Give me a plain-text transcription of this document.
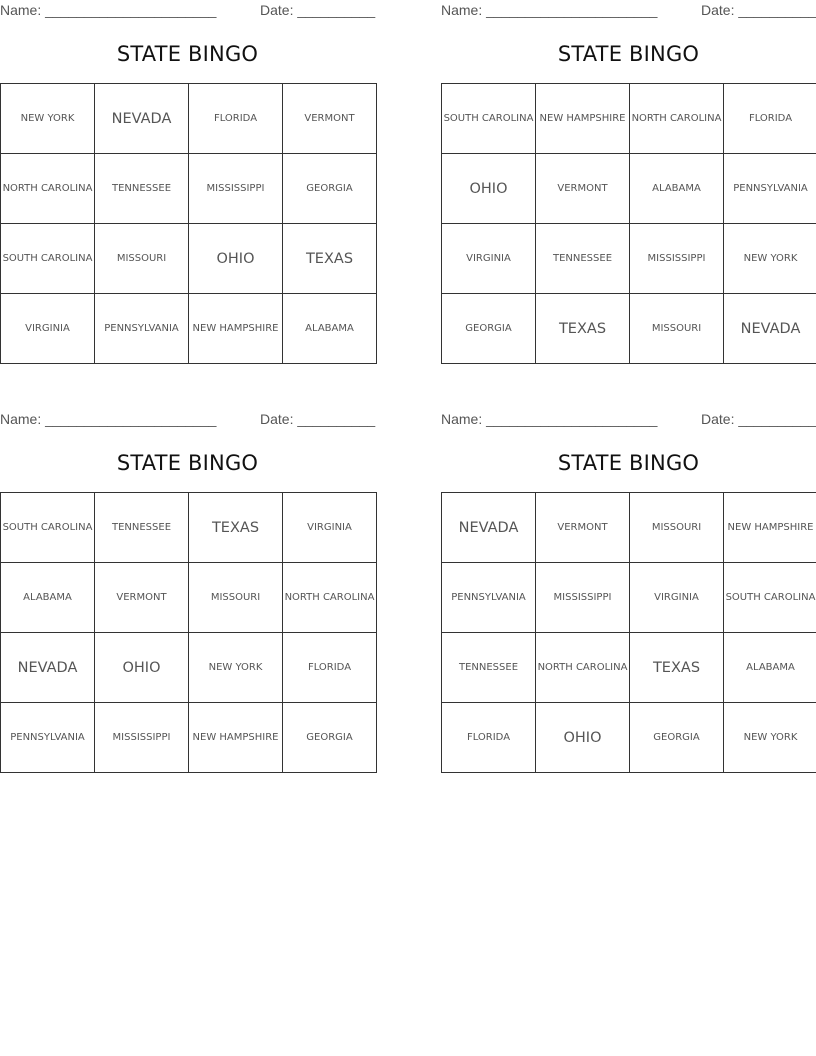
Name: ______________________	Date: __________
STATE BINGO
NEW YORK	NEVADA	FLORIDA	VERMONT
NORTH CAROLINA	TENNESSEE	MISSISSIPPI	GEORGIA
SOUTH CAROLINA	MISSOURI	OHIO	TEXAS
VIRGINIA	PENNSYLVANIA	NEW HAMPSHIRE	ALABAMA
Name: ______________________	Date: __________
STATE BINGO
SOUTH CAROLINA	NEW HAMPSHIRE	NORTH CAROLINA	FLORIDA
OHIO	VERMONT	ALABAMA	PENNSYLVANIA
VIRGINIA	TENNESSEE	MISSISSIPPI	NEW YORK
GEORGIA	TEXAS	MISSOURI	NEVADA
Name: ______________________	Date: __________
STATE BINGO
SOUTH CAROLINA	TENNESSEE	TEXAS	VIRGINIA
ALABAMA	VERMONT	MISSOURI	NORTH CAROLINA
NEVADA	OHIO	NEW YORK	FLORIDA
PENNSYLVANIA	MISSISSIPPI	NEW HAMPSHIRE	GEORGIA
Name: ______________________	Date: __________
STATE BINGO
NEVADA	VERMONT	MISSOURI	NEW HAMPSHIRE
PENNSYLVANIA	MISSISSIPPI	VIRGINIA	SOUTH CAROLINA
TENNESSEE	NORTH CAROLINA	TEXAS	ALABAMA
FLORIDA	OHIO	GEORGIA	NEW YORK
